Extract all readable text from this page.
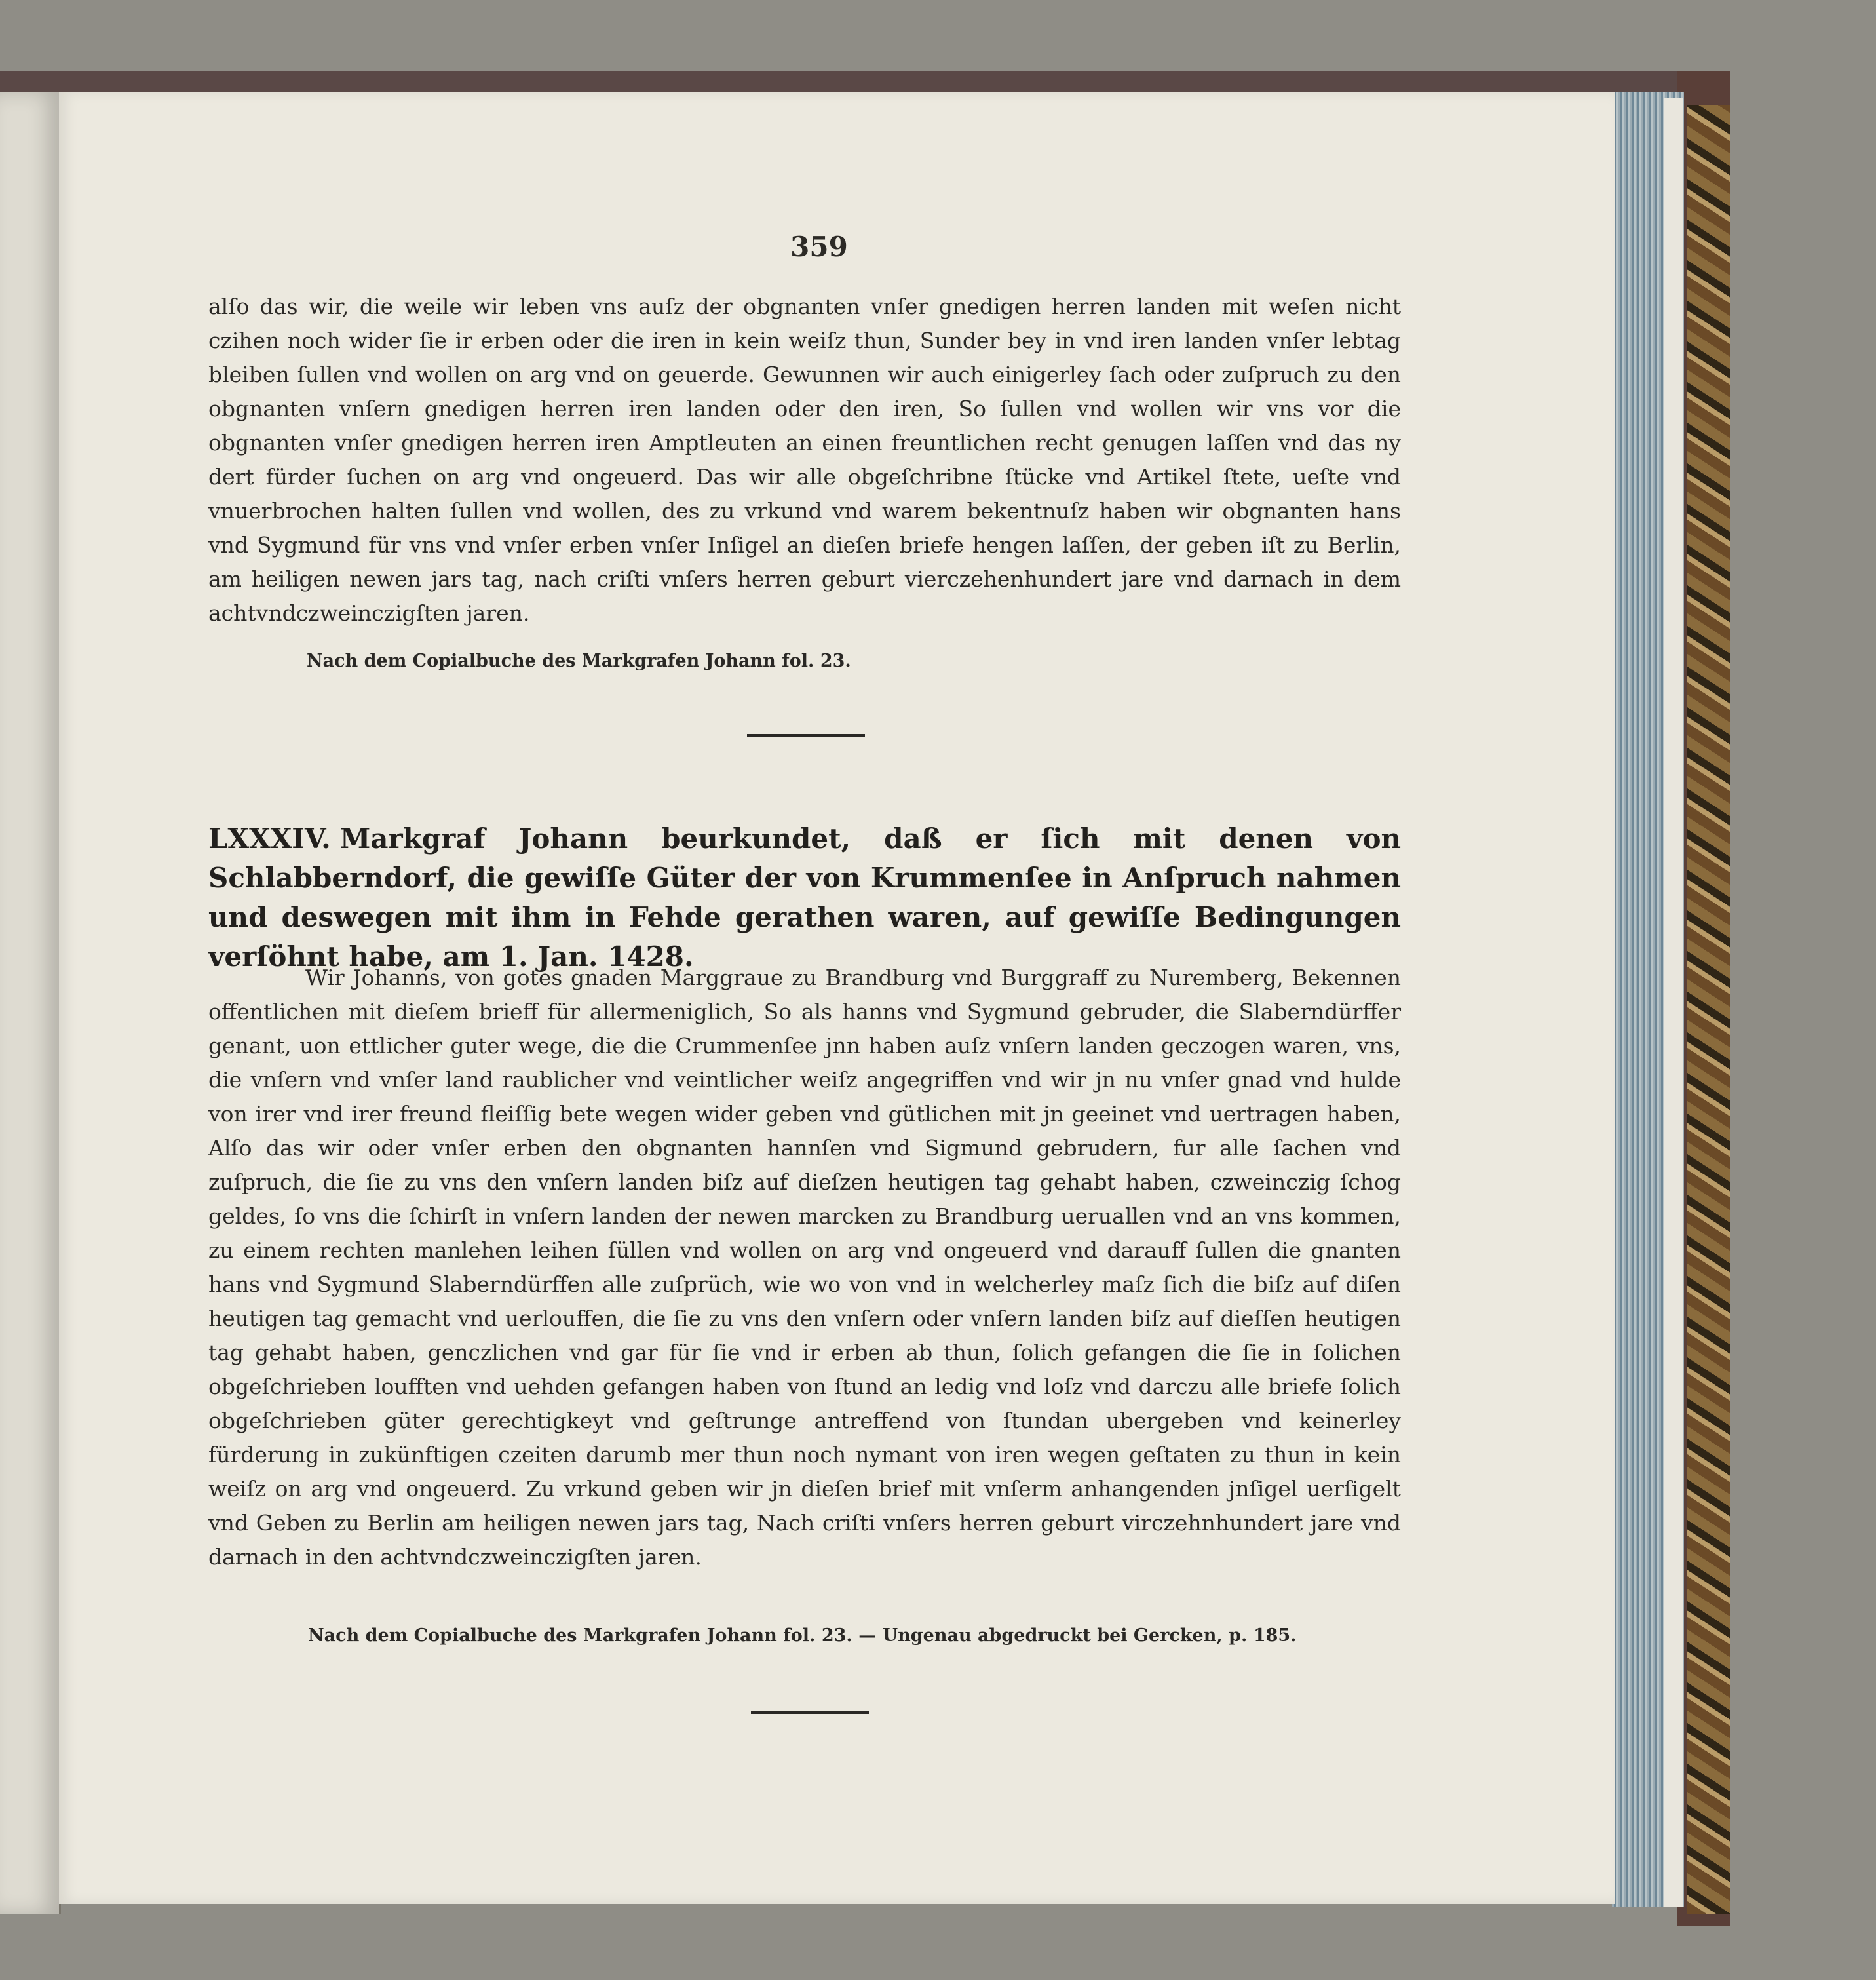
359

alſo das wir, die weile wir leben vns auſz der obgnanten vnſer gnedigen herren landen mit weſen nicht czihen noch wider ſie ir erben oder die iren in kein weiſz thun, Sunder bey in vnd iren landen vnſer lebtag bleiben ſullen vnd wollen on arg vnd on geuerde. Gewunnen wir auch einigerley ſach oder zuſpruch zu den obgnanten vnſern gnedigen herren iren landen oder den iren, So ſullen vnd wollen wir vns vor die obgnanten vnſer gnedigen herren iren Amptleuten an einen freuntlichen recht genugen laſſen vnd das ny dert fürder ſuchen on arg vnd ongeuerd. Das wir alle obgeſchribne ſtücke vnd Artikel ſtete, ueſte vnd vnuerbrochen halten ſullen vnd wollen, des zu vrkund vnd warem bekentnuſz haben wir obgnanten hans vnd Sygmund für vns vnd vnſer erben vnſer Inſigel an dieſen briefe hengen laſſen, der geben iſt zu Berlin, am heiligen newen jars tag, nach criſti vnſers herren geburt vierczehenhundert jare vnd darnach in dem achtvndczweinczigſten jaren.

Nach dem Copialbuche des Markgrafen Johann fol. 23.

LXXXIV. Markgraf Johann beurkundet, daß er ſich mit denen von Schlabberndorf, die gewiſſe Güter der von Krummenſee in Anſpruch nahmen und deswegen mit ihm in Fehde gerathen waren, auf gewiſſe Bedingungen verſöhnt habe, am 1. Jan. 1428.

Wir Johanns, von gotes gnaden Marggraue zu Brandburg vnd Burggraff zu Nuremberg, Bekennen offentlichen mit dieſem brieff für allermeniglich, So als hanns vnd Sygmund gebruder, die Slaberndürffer genant, uon ettlicher guter wege, die die Crummenſee jnn haben auſz vnſern landen geczogen waren, vns, die vnſern vnd vnſer land raublicher vnd veintlicher weiſz angegriffen vnd wir jn nu vnſer gnad vnd hulde von irer vnd irer freund fleiſſig bete wegen wider geben vnd gütlichen mit jn geeinet vnd uertragen haben, Alſo das wir oder vnſer erben den obgnanten hannſen vnd Sigmund gebrudern, fur alle ſachen vnd zuſpruch, die ſie zu vns den vnſern landen biſz auf dieſzen heutigen tag gehabt haben, czweinczig ſchog geldes, ſo vns die ſchirſt in vnſern landen der newen marcken zu Brandburg ueruallen vnd an vns kommen, zu einem rechten manlehen leihen ſüllen vnd wollen on arg vnd ongeuerd vnd darauff ſullen die gnanten hans vnd Sygmund Slaberndürffen alle zuſprüch, wie wo von vnd in welcherley maſz ſich die biſz auf diſen heutigen tag gemacht vnd uerlouffen, die ſie zu vns den vnſern oder vnſern landen biſz auf dieſſen heutigen tag gehabt haben, genczlichen vnd gar für ſie vnd ir erben ab thun, ſolich gefangen die ſie in ſolichen obgeſchrieben loufften vnd uehden gefangen haben von ſtund an ledig vnd loſz vnd darczu alle briefe ſolich obgeſchrieben güter gerechtigkeyt vnd geſtrunge antreffend von ſtundan ubergeben vnd keinerley fürderung in zukünftigen czeiten darumb mer thun noch nymant von iren wegen geſtaten zu thun in kein weiſz on arg vnd ongeuerd. Zu vrkund geben wir jn dieſen brief mit vnſerm anhangenden jnſigel uerſigelt vnd Geben zu Berlin am heiligen newen jars tag, Nach criſti vnſers herren geburt virczehnhundert jare vnd darnach in den achtvndczweinczigſten jaren.

Nach dem Copialbuche des Markgrafen Johann fol. 23. — Ungenau abgedruckt bei Gercken, p. 185.
